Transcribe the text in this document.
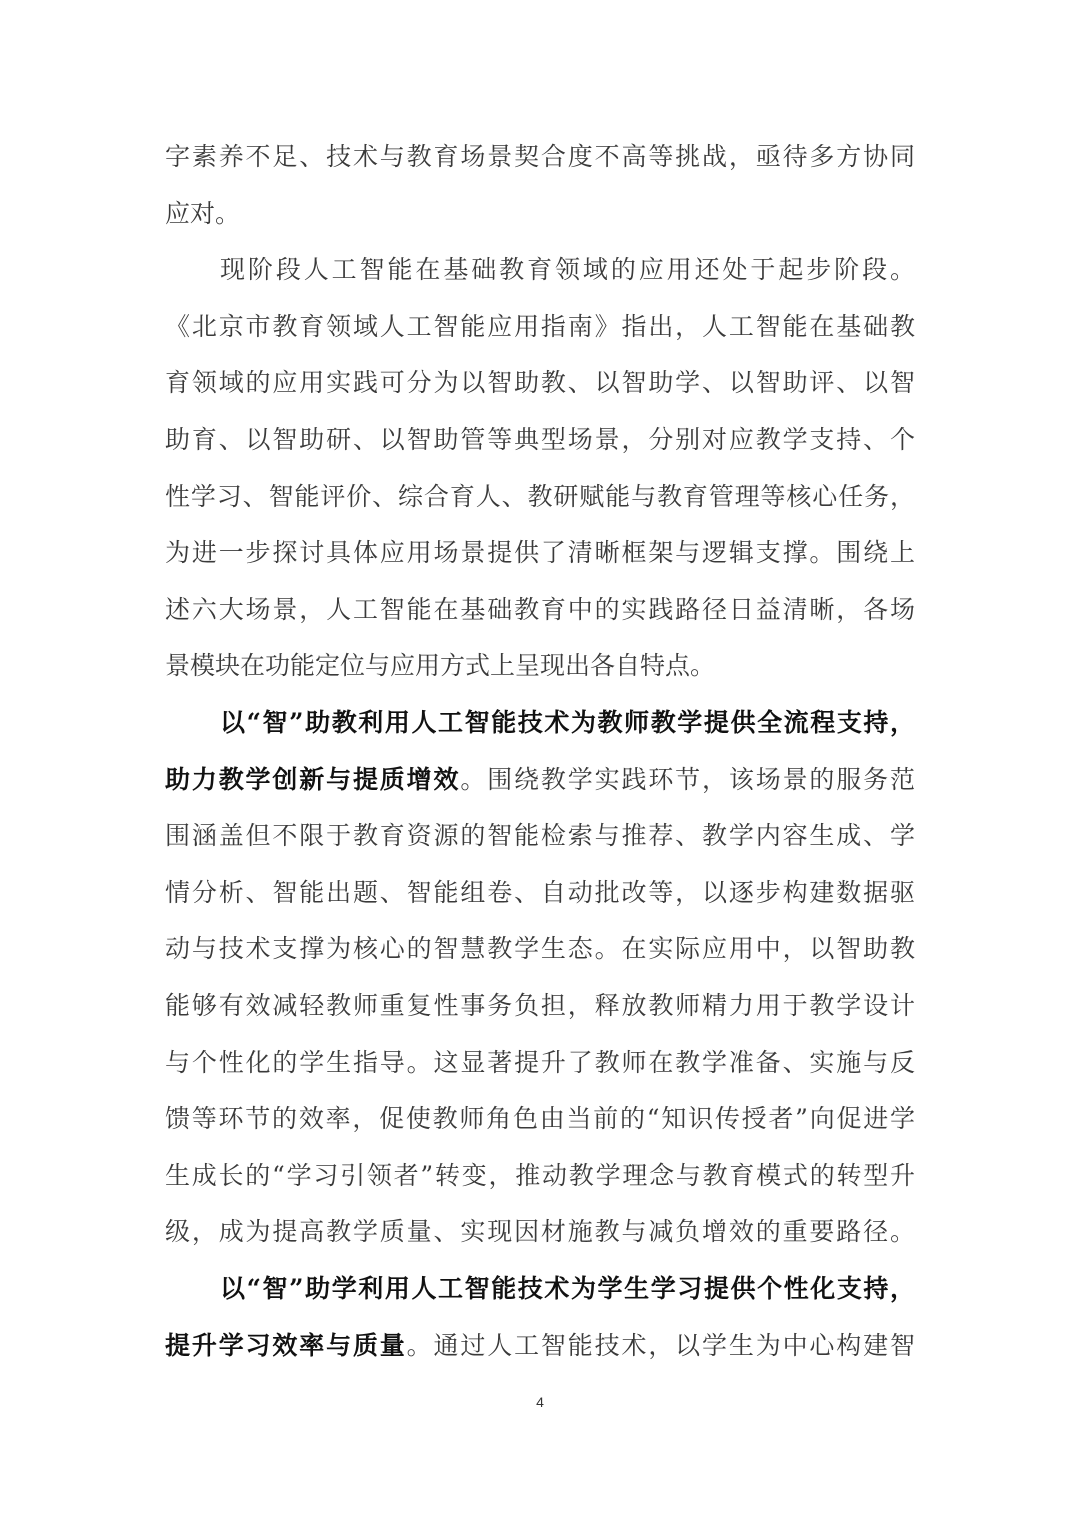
字素养不足、技术与教育场景契合度不高等挑战，亟待多方协同
应对。
现阶段人工智能在基础教育领域的应用还处于起步阶段。
《北京市教育领域人工智能应用指南》指出，人工智能在基础教
育领域的应用实践可分为以智助教、以智助学、以智助评、以智
助育、以智助研、以智助管等典型场景，分别对应教学支持、个
性学习、智能评价、综合育人、教研赋能与教育管理等核心任务，
为进一步探讨具体应用场景提供了清晰框架与逻辑支撑。围绕上
述六大场景，人工智能在基础教育中的实践路径日益清晰，各场
景模块在功能定位与应用方式上呈现出各自特点。
以“智”助教利用人工智能技术为教师教学提供全流程支持，
助力教学创新与提质增效。围绕教学实践环节，该场景的服务范
围涵盖但不限于教育资源的智能检索与推荐、教学内容生成、学
情分析、智能出题、智能组卷、自动批改等，以逐步构建数据驱
动与技术支撑为核心的智慧教学生态。在实际应用中，以智助教
能够有效减轻教师重复性事务负担，释放教师精力用于教学设计
与个性化的学生指导。这显著提升了教师在教学准备、实施与反
馈等环节的效率，促使教师角色由当前的“知识传授者”向促进学
生成长的“学习引领者”转变，推动教学理念与教育模式的转型升
级，成为提高教学质量、实现因材施教与减负增效的重要路径。
以“智”助学利用人工智能技术为学生学习提供个性化支持，
提升学习效率与质量。通过人工智能技术，以学生为中心构建智
4
